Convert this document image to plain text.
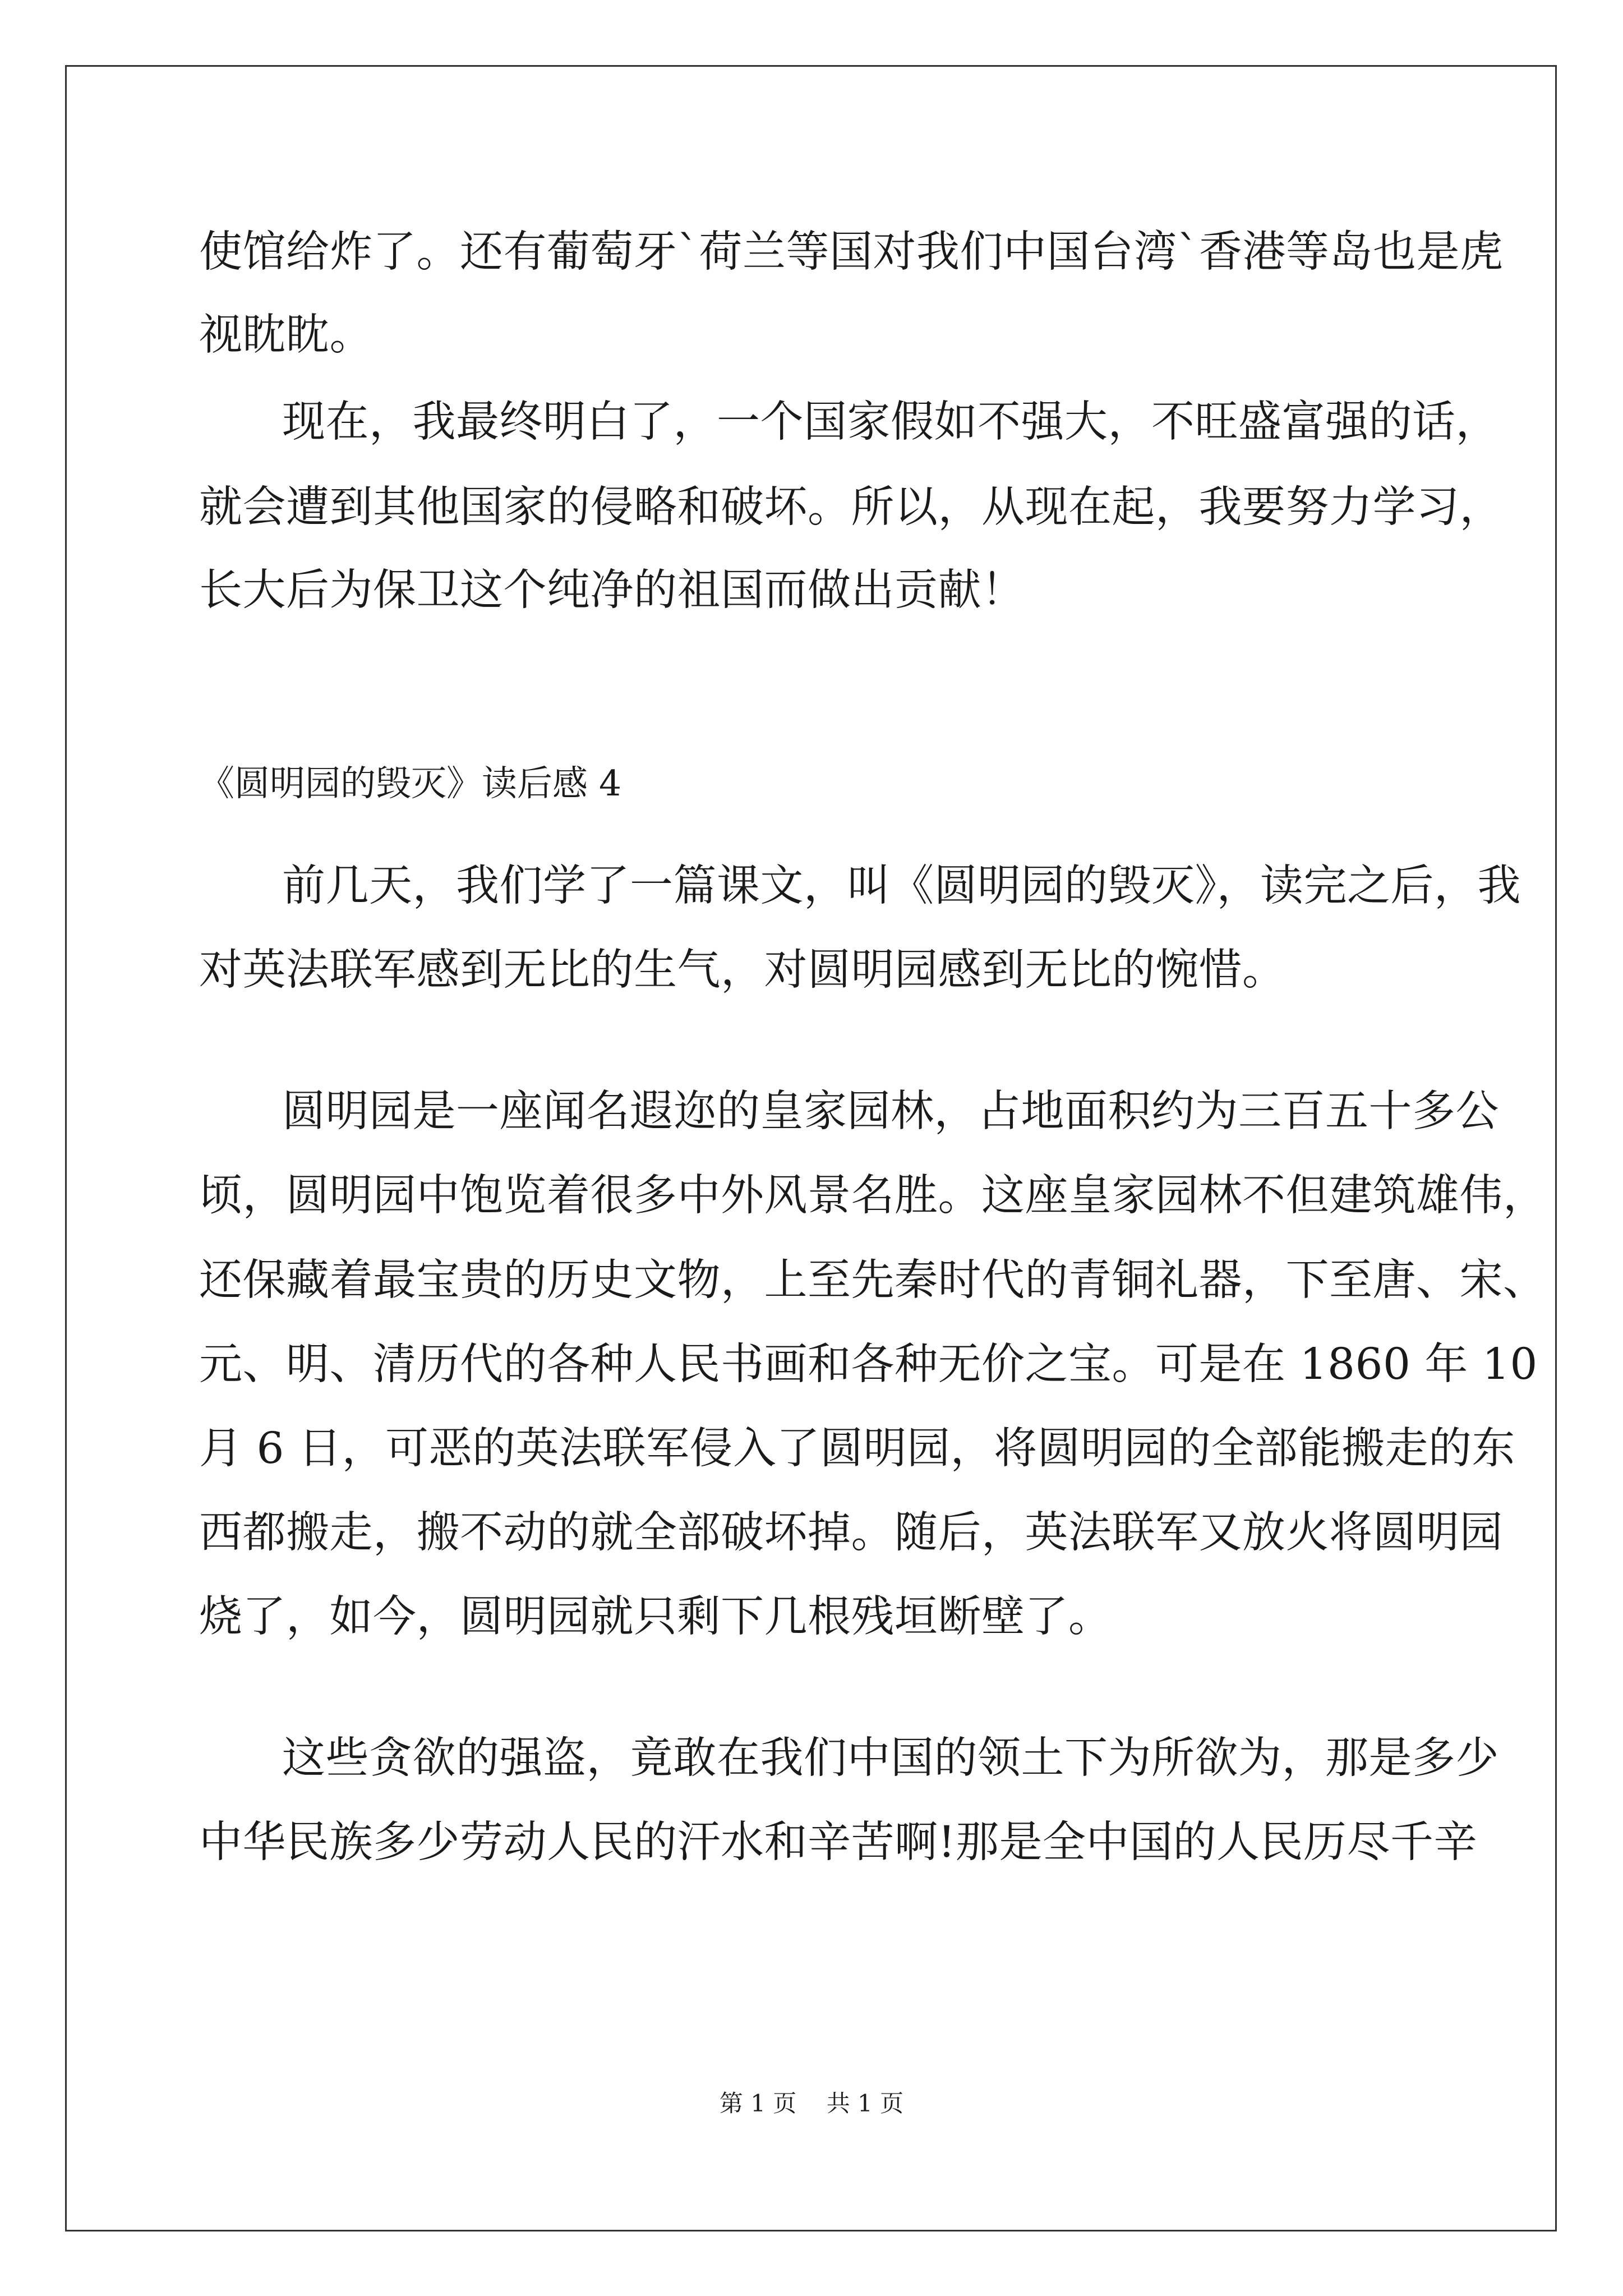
使馆给炸了。还有葡萄牙`荷兰等国对我们中国台湾`香港等岛也是虎
视眈眈。
现在，我最终明白了，一个国家假如不强大，不旺盛富强的话，
就会遭到其他国家的侵略和破坏。所以，从现在起，我要努力学习，
长大后为保卫这个纯净的祖国而做出贡献！
《圆明园的毁灭》读后感 4
前几天，我们学了一篇课文，叫《圆明园的毁灭》，读完之后，我
对英法联军感到无比的生气，对圆明园感到无比的惋惜。
圆明园是一座闻名遐迩的皇家园林，占地面积约为三百五十多公
顷，圆明园中饱览着很多中外风景名胜。这座皇家园林不但建筑雄伟，
还保藏着最宝贵的历史文物，上至先秦时代的青铜礼器，下至唐、宋、
元、明、清历代的各种人民书画和各种无价之宝。可是在 1860 年 10
月 6 日，可恶的英法联军侵入了圆明园，将圆明园的全部能搬走的东
西都搬走，搬不动的就全部破坏掉。随后，英法联军又放火将圆明园
烧了，如今，圆明园就只剩下几根残垣断壁了。
这些贪欲的强盗，竟敢在我们中国的领土下为所欲为，那是多少
中华民族多少劳动人民的汗水和辛苦啊!那是全中国的人民历尽千辛
第 1 页    共 1 页
